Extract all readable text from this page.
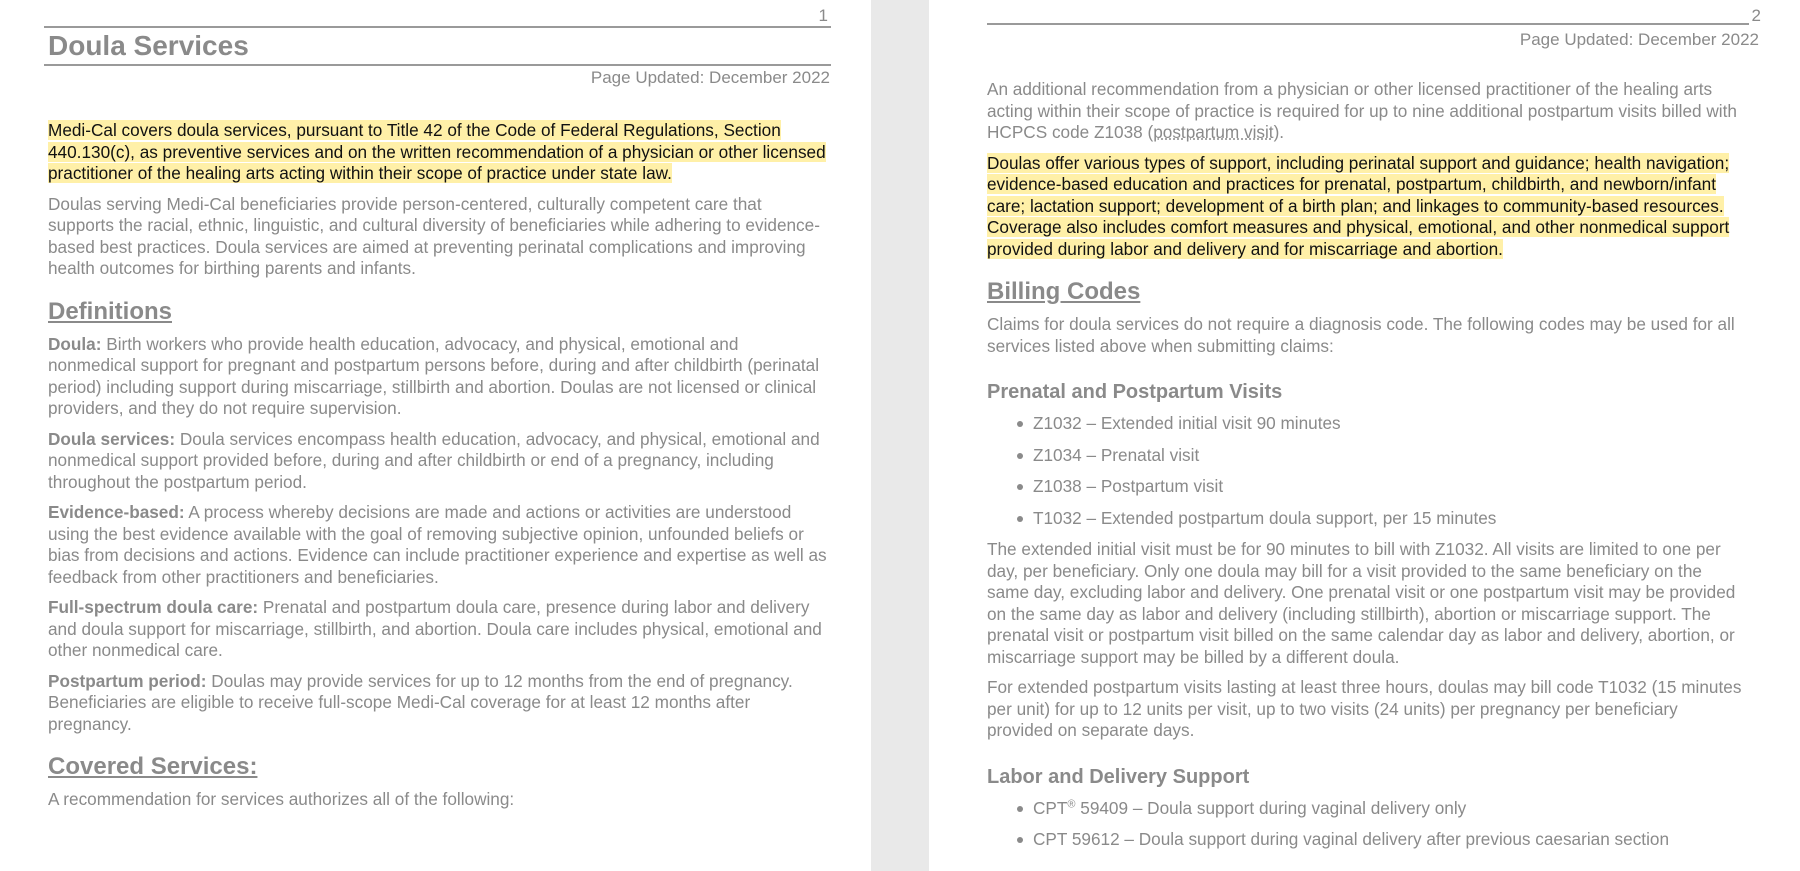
1
Doula Services
Page Updated: December 2022

Medi-Cal covers doula services, pursuant to Title 42 of the Code of Federal Regulations, Section 440.130(c), as preventive services and on the written recommendation of a physician or other licensed practitioner of the healing arts acting within their scope of practice under state law.

Doulas serving Medi-Cal beneficiaries provide person-centered, culturally competent care that supports the racial, ethnic, linguistic, and cultural diversity of beneficiaries while adhering to evidence-based best practices. Doula services are aimed at preventing perinatal complications and improving health outcomes for birthing parents and infants.

Definitions

Doula: Birth workers who provide health education, advocacy, and physical, emotional and nonmedical support for pregnant and postpartum persons before, during and after childbirth (perinatal period) including support during miscarriage, stillbirth and abortion. Doulas are not licensed or clinical providers, and they do not require supervision.

Doula services: Doula services encompass health education, advocacy, and physical, emotional and nonmedical support provided before, during and after childbirth or end of a pregnancy, including throughout the postpartum period.

Evidence-based: A process whereby decisions are made and actions or activities are understood using the best evidence available with the goal of removing subjective opinion, unfounded beliefs or bias from decisions and actions. Evidence can include practitioner experience and expertise as well as feedback from other practitioners and beneficiaries.

Full-spectrum doula care: Prenatal and postpartum doula care, presence during labor and delivery and doula support for miscarriage, stillbirth, and abortion. Doula care includes physical, emotional and other nonmedical care.

Postpartum period: Doulas may provide services for up to 12 months from the end of pregnancy. Beneficiaries are eligible to receive full-scope Medi-Cal coverage for at least 12 months after pregnancy.

Covered Services:

A recommendation for services authorizes all of the following:

2
Page Updated: December 2022

An additional recommendation from a physician or other licensed practitioner of the healing arts acting within their scope of practice is required for up to nine additional postpartum visits billed with HCPCS code Z1038 (postpartum visit).

Doulas offer various types of support, including perinatal support and guidance; health navigation; evidence-based education and practices for prenatal, postpartum, childbirth, and newborn/infant care; lactation support; development of a birth plan; and linkages to community-based resources. Coverage also includes comfort measures and physical, emotional, and other nonmedical support provided during labor and delivery and for miscarriage and abortion.

Billing Codes

Claims for doula services do not require a diagnosis code. The following codes may be used for all services listed above when submitting claims:

Prenatal and Postpartum Visits
Z1032 – Extended initial visit 90 minutes
Z1034 – Prenatal visit
Z1038 – Postpartum visit
T1032 – Extended postpartum doula support, per 15 minutes

The extended initial visit must be for 90 minutes to bill with Z1032. All visits are limited to one per day, per beneficiary. Only one doula may bill for a visit provided to the same beneficiary on the same day, excluding labor and delivery. One prenatal visit or one postpartum visit may be provided on the same day as labor and delivery (including stillbirth), abortion or miscarriage support. The prenatal visit or postpartum visit billed on the same calendar day as labor and delivery, abortion, or miscarriage support may be billed by a different doula.

For extended postpartum visits lasting at least three hours, doulas may bill code T1032 (15 minutes per unit) for up to 12 units per visit, up to two visits (24 units) per pregnancy per beneficiary provided on separate days.

Labor and Delivery Support
CPT® 59409 – Doula support during vaginal delivery only
CPT 59612 – Doula support during vaginal delivery after previous caesarian section
